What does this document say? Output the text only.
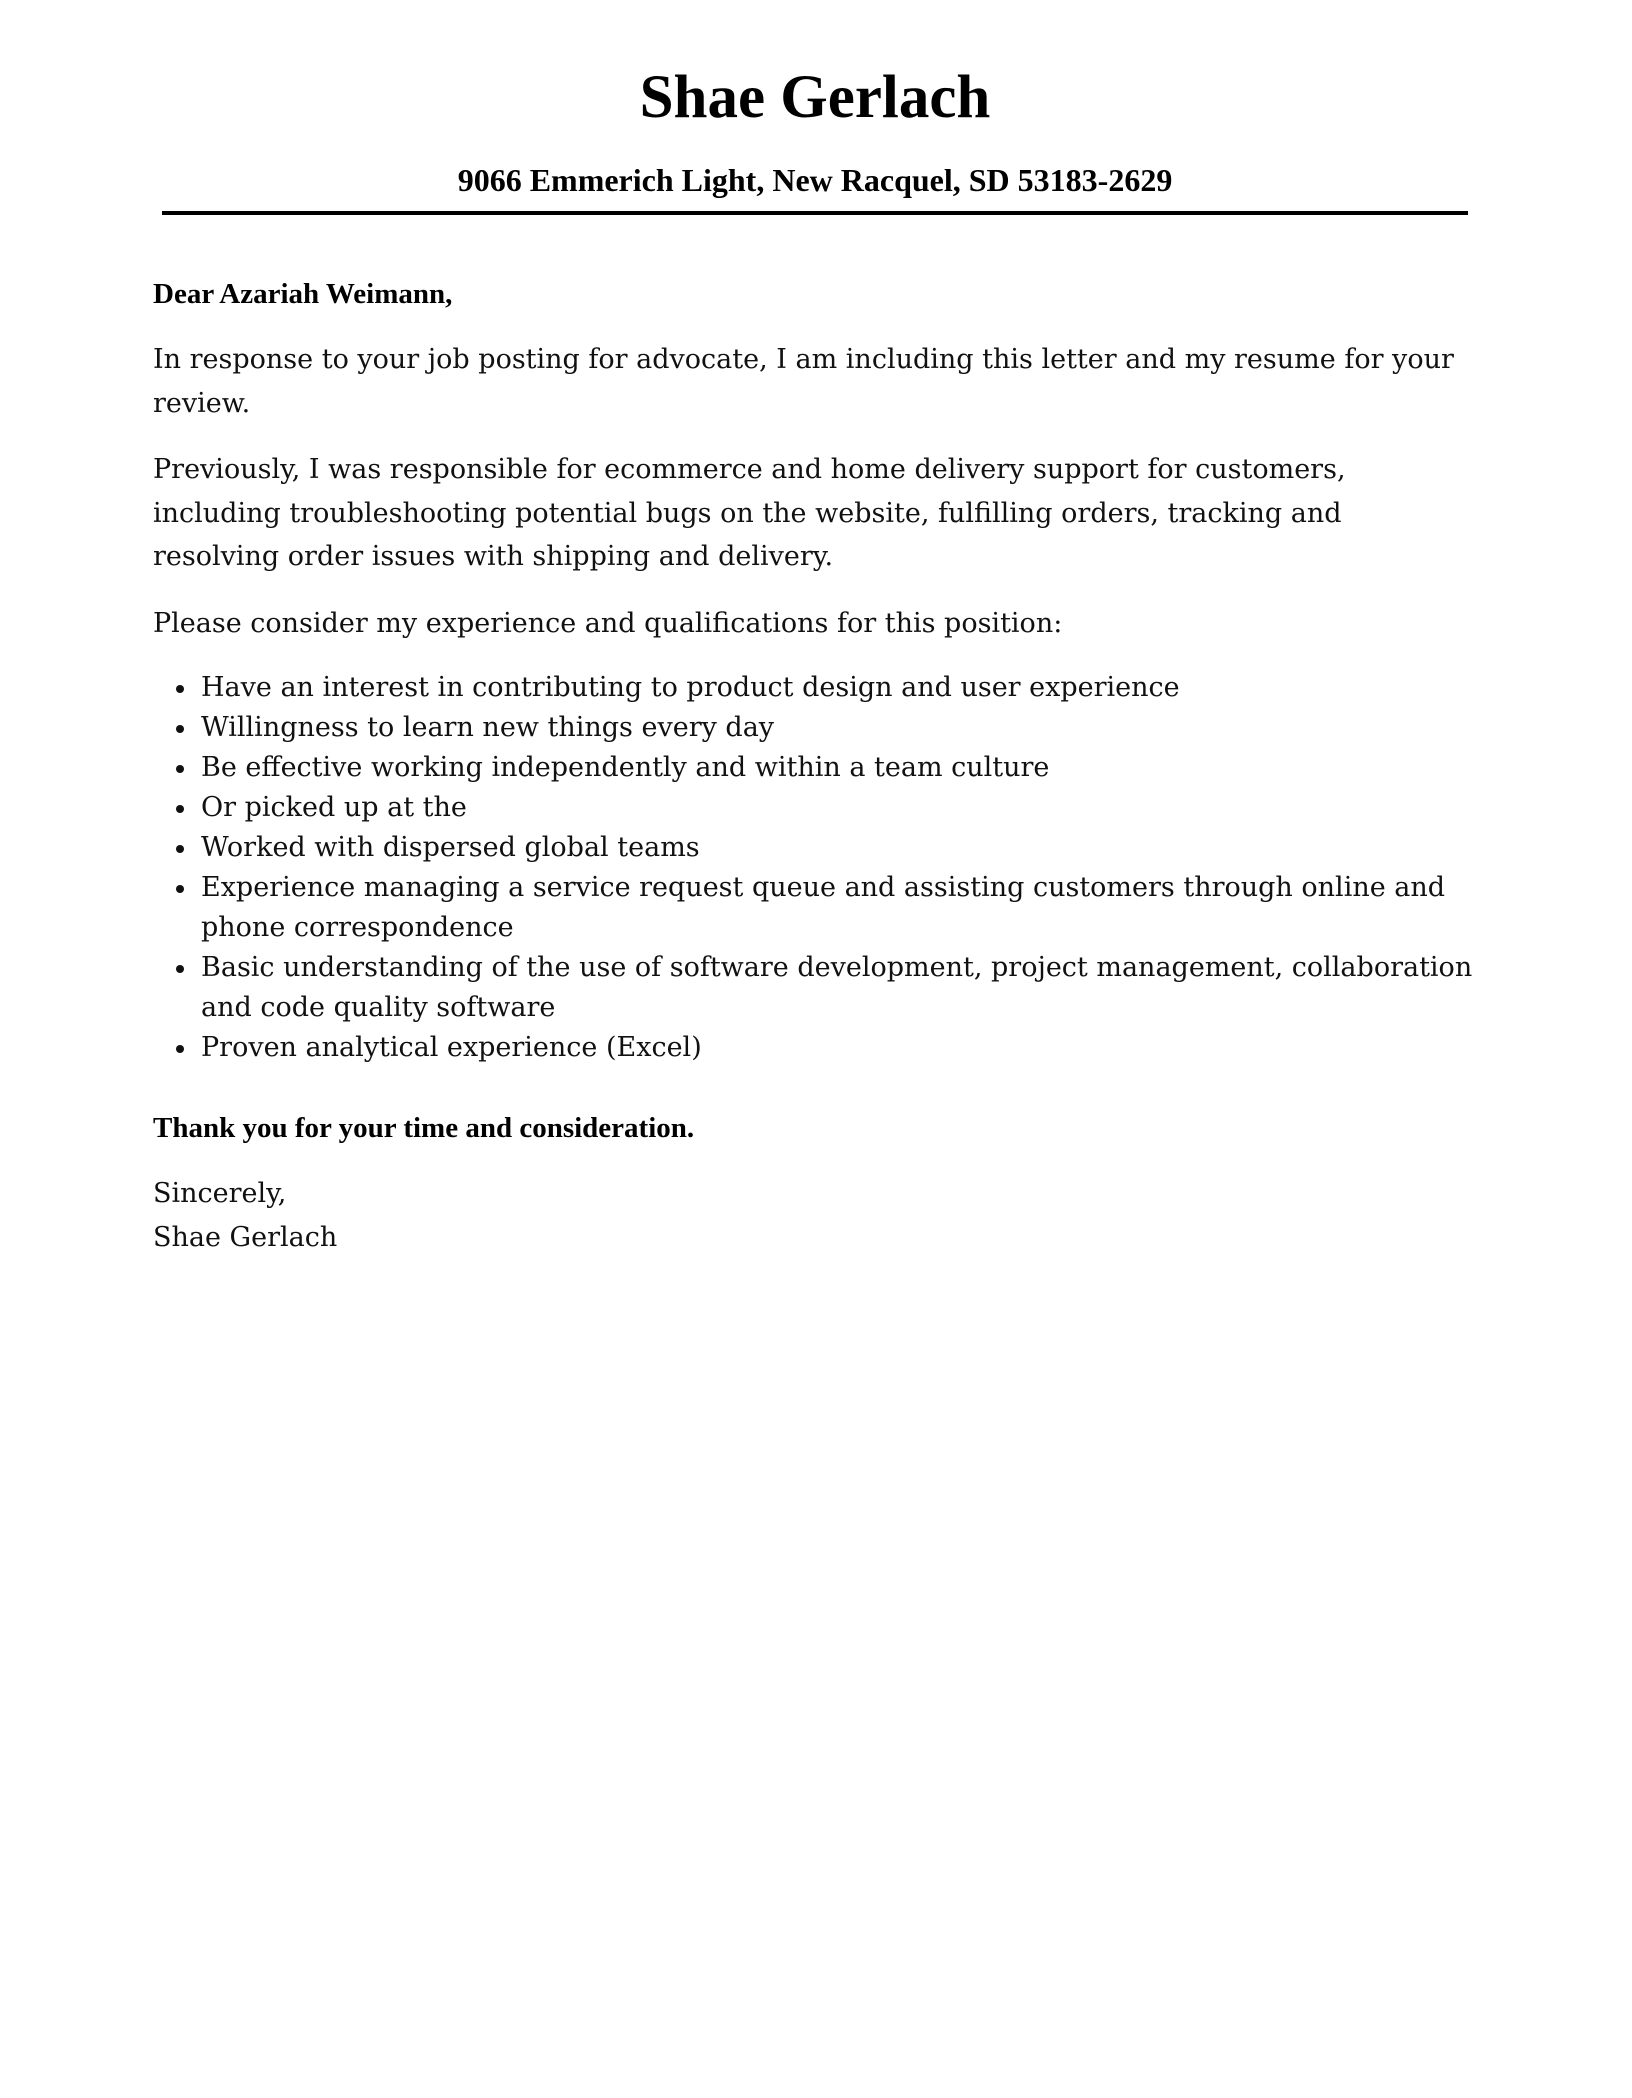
Shae Gerlach
9066 Emmerich Light, New Racquel, SD 53183-2629

Dear Azariah Weimann,

In response to your job posting for advocate, I am including this letter and my resume for your review.

Previously, I was responsible for ecommerce and home delivery support for customers, including troubleshooting potential bugs on the website, fulfilling orders, tracking and resolving order issues with shipping and delivery.

Please consider my experience and qualifications for this position:

Have an interest in contributing to product design and user experience
Willingness to learn new things every day
Be effective working independently and within a team culture
Or picked up at the
Worked with dispersed global teams
Experience managing a service request queue and assisting customers through online and phone correspondence
Basic understanding of the use of software development, project management, collaboration and code quality software
Proven analytical experience (Excel)

Thank you for your time and consideration.

Sincerely,

Shae Gerlach
